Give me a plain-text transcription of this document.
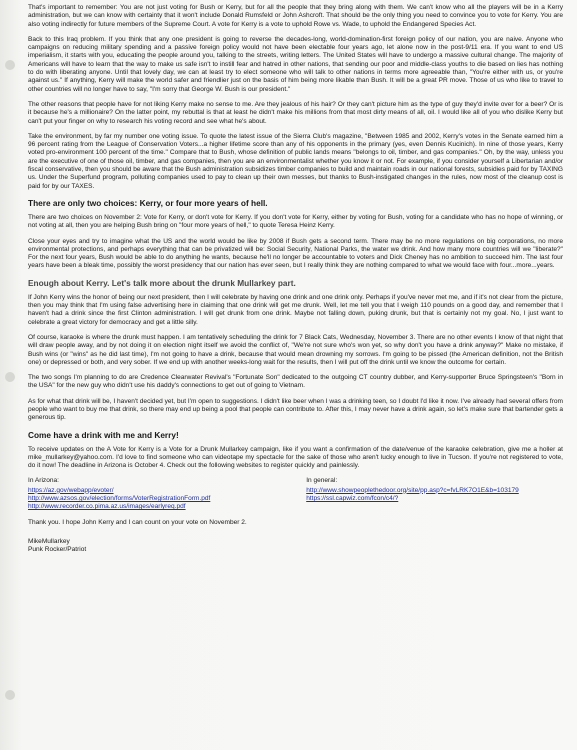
That's important to remember: You are not just voting for Bush or Kerry, but for all the people that they bring along with them. We can't know who all the players will be in a Kerry administration, but we can know with certainty that it won't include Donald Rumsfeld or John Ashcroft. That should be the only thing you need to convince you to vote for Kerry. You are also voting indirectly for future members of the Supreme Court. A vote for Kerry is a vote to uphold Rowe vs. Wade, to uphold the Endangered Species Act.

Back to this Iraq problem. If you think that any one president is going to reverse the decades-long, world-domination-first foreign policy of our nation, you are naive. Anyone who campaigns on reducing military spending and a passive foreign policy would not have been electable four years ago, let alone now in the post-9/11 era. If you want to end US imperialism, it starts with you, educating the people around you, talking to the streets, writing letters. The United States will have to undergo a massive cultural change. The majority of Americans will have to learn that the way to make us safe isn't to instill fear and hatred in other nations, that sending our poor and middle-class youths to die based on lies has nothing to do with liberating anyone. Until that lovely day, we can at least try to elect someone who will talk to other nations in terms more agreeable than, "You're either with us, or you're against us." If anything, Kerry will make the world safer and friendlier just on the basis of him being more likable than Bush. It will be a great PR move. Those of us who like to travel to other countries will no longer have to say, "I'm sorry that George W. Bush is our president."

The other reasons that people have for not liking Kerry make no sense to me. Are they jealous of his hair? Or they can't picture him as the type of guy they'd invite over for a beer? Or is it because he's a millionaire? On the latter point, my rebuttal is that at least he didn't make his millions from that most dirty means of all, oil. I would like all of you who dislike Kerry but can't put your finger on why to research his voting record and see what he's about.

Take the environment, by far my number one voting issue. To quote the latest issue of the Sierra Club's magazine, "Between 1985 and 2002, Kerry's votes in the Senate earned him a 96 percent rating from the League of Conservation Voters...a higher lifetime score than any of his opponents in the primary (yes, even Dennis Kucinich). In nine of those years, Kerry voted pro-environment 100 percent of the time." Compare that to Bush, whose definition of public lands means "belongs to oil, timber, and gas companies." Oh, by the way, unless you are the executive of one of those oil, timber, and gas companies, then you are an environmentalist whether you know it or not. For example, if you consider yourself a Libertarian and/or fiscal conservative, then you should be aware that the Bush administration subsidizes timber companies to build and maintain roads in our national forests, subsidies paid for by TAXING us. Under the Superfund program, polluting companies used to pay to clean up their own messes, but thanks to Bush-instigated changes in the rules, now most of the cleanup cost is paid for by our TAXES.

There are only two choices: Kerry, or four more years of hell.

There are two choices on November 2: Vote for Kerry, or don't vote for Kerry. If you don't vote for Kerry, either by voting for Bush, voting for a candidate who has no hope of winning, or not voting at all, then you are helping Bush bring on "four more years of hell," to quote Teresa Heinz Kerry.

Close your eyes and try to imagine what the US and the world would be like by 2008 if Bush gets a second term. There may be no more regulations on big corporations, no more environmental protections, and perhaps everything that can be privatized will be: Social Security, National Parks, the water we drink. And how many more countries will we "liberate?" For the next four years, Bush would be able to do anything he wants, because he'll no longer be accountable to voters and Dick Cheney has no ambition to succeed him. The last four years have been a bleak time, possibly the worst presidency that our nation has ever seen, but I really think they are nothing compared to what we would face with four...more...years.

Enough about Kerry. Let's talk more about the drunk Mullarkey part.

If John Kerry wins the honor of being our next president, then I will celebrate by having one drink and one drink only. Perhaps if you've never met me, and if it's not clear from the picture, then you may think that I'm using false advertising here in claiming that one drink will get me drunk. Well, let me tell you that I weigh 110 pounds on a good day, and remember that I haven't had a drink since the first Clinton administration. I will get drunk from one drink. Maybe not falling down, puking drunk, but that is certainly not my goal. No, I just want to celebrate a great victory for democracy and get a little silly.

Of course, karaoke is where the drunk must happen. I am tentatively scheduling the drink for 7 Black Cats, Wednesday, November 3. There are no other events I know of that night that will draw people away, and by not doing it on election night itself we avoid the conflict of, "We're not sure who's won yet, so why don't you have a drink anyway?" Make no mistake, if Bush wins (or "wins" as he did last time), I'm not going to have a drink, because that would mean drowning my sorrows. I'm going to be pissed (the American definition, not the British one) or depressed or both, and very sober. If we end up with another weeks-long wait for the results, then I will put off the drink until we know the outcome for certain.

The two songs I'm planning to do are Credence Clearwater Revival's "Fortunate Son" dedicated to the outgoing CT country dubber, and Kerry-supporter Bruce Springsteen's "Born in the USA" for the new guy who didn't use his daddy's connections to get out of going to Vietnam.

As for what that drink will be, I haven't decided yet, but I'm open to suggestions. I didn't like beer when I was a drinking teen, so I doubt I'd like it now. I've already had several offers from people who want to buy me that drink, so there may end up being a pool that people can contribute to. After this, I may never have a drink again, so let's make sure that bartender gets a generous tip.

Come have a drink with me and Kerry!

To receive updates on the A Vote for Kerry is a Vote for a Drunk Mullarkey campaign, like if you want a confirmation of the date/venue of the karaoke celebration, give me a holler at mike_mullarkey@yahoo.com. I'd love to find someone who can videotape my spectacle for the sake of those who aren't lucky enough to live in Tucson. If you're not registered to vote, do it now! The deadline in Arizona is October 4. Check out the following websites to register quickly and painlessly.

In Arizona:
https://az.gov/webapp/evoter/
http://www.azsos.gov/election/forms/VoterRegistrationForm.pdf
http://www.recorder.co.pima.az.us/images/earlyreq.pdf
In general:
http://www.showpeoplethedoor.org/site/pp.asp?c=fvLRK7O1E&b=103179
https://ssl.capwiz.com/fcon/c4/?
Thank you. I hope John Kerry and I can count on your vote on November 2.
MikeMullarkey
Punk Rocker/Patriot
